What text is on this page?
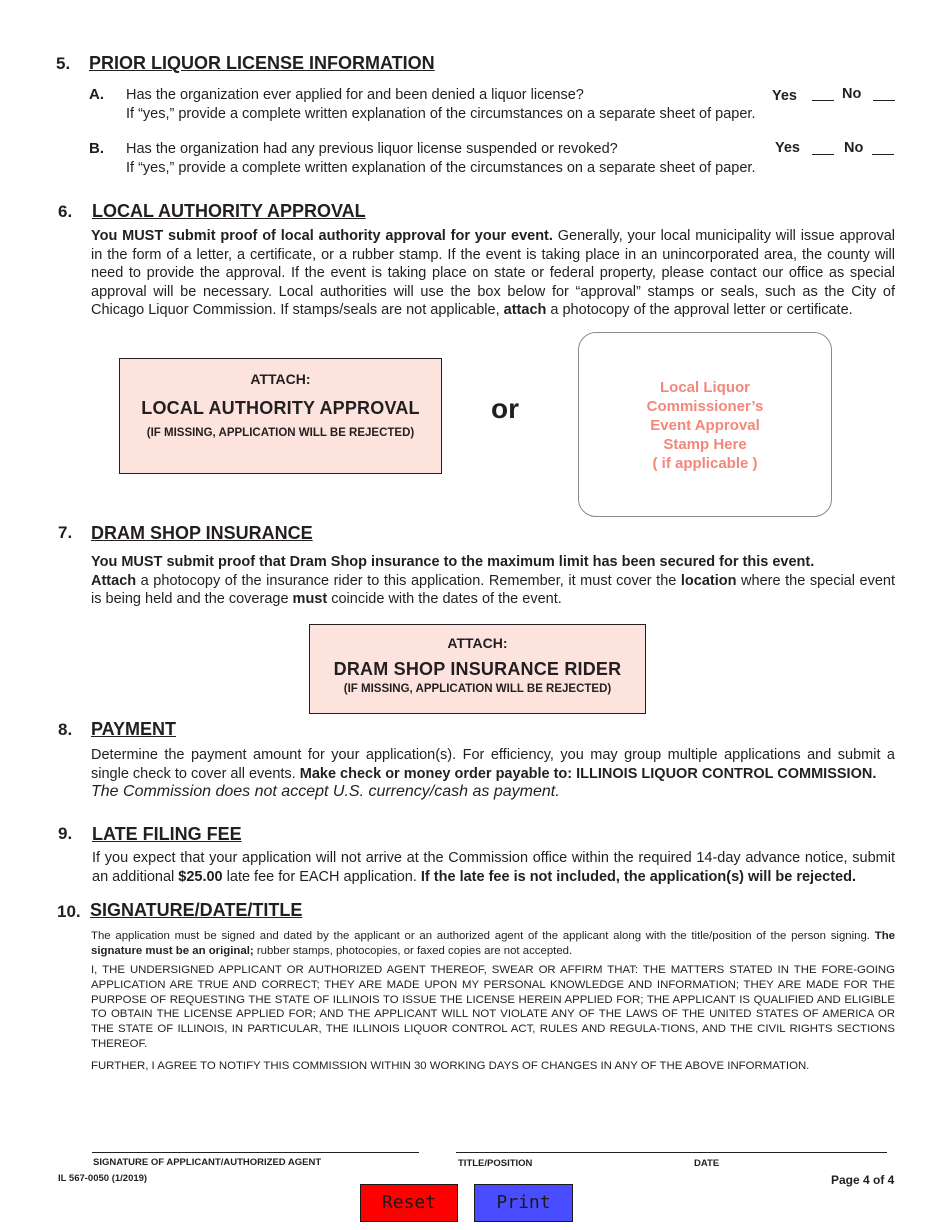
5. PRIOR LIQUOR LICENSE INFORMATION
A. Has the organization ever applied for and been denied a liquor license?
If “yes,” provide a complete written explanation of the circumstances on a separate sheet of paper.
Yes	No
B. Has the organization had any previous liquor license suspended or revoked?
If “yes,” provide a complete written explanation of the circumstances on a separate sheet of paper.
Yes	No
6. LOCAL AUTHORITY APPROVAL
You MUST submit proof of local authority approval for your event. Generally, your local municipality will issue approval in the form of a letter, a certificate, or a rubber stamp. If the event is taking place in an unincorporated area, the county will need to provide the approval. If the event is taking place on state or federal property, please contact our office as special approval will be necessary. Local authorities will use the box below for “approval” stamps or seals, such as the City of Chicago Liquor Commission. If stamps/seals are not applicable, attach a photocopy of the approval letter or certificate.
ATTACH:
LOCAL AUTHORITY APPROVAL
(IF MISSING, APPLICATION WILL BE REJECTED)
or
Local Liquor
Commissioner’s
Event Approval
Stamp Here
( if applicable )
7. DRAM SHOP INSURANCE
You MUST submit proof that Dram Shop insurance to the maximum limit has been secured for this event.
Attach a photocopy of the insurance rider to this application. Remember, it must cover the location where the special event is being held and the coverage must coincide with the dates of the event.
ATTACH:
DRAM SHOP INSURANCE RIDER
(IF MISSING, APPLICATION WILL BE REJECTED)
8. PAYMENT
Determine the payment amount for your application(s). For efficiency, you may group multiple applications and submit a single check to cover all events. Make check or money order payable to: ILLINOIS LIQUOR CONTROL COMMISSION.
The Commission does not accept U.S. currency/cash as payment.
9. LATE FILING FEE
If you expect that your application will not arrive at the Commission office within the required 14-day advance notice, submit an additional $25.00 late fee for EACH application. If the late fee is not included, the application(s) will be rejected.
10. SIGNATURE/DATE/TITLE
The application must be signed and dated by the applicant or an authorized agent of the applicant along with the title/position of the person signing. The signature must be an original; rubber stamps, photocopies, or faxed copies are not accepted.
I, THE UNDERSIGNED APPLICANT OR AUTHORIZED AGENT THEREOF, SWEAR OR AFFIRM THAT: THE MATTERS STATED IN THE FORE-GOING APPLICATION ARE TRUE AND CORRECT; THEY ARE MADE UPON MY PERSONAL KNOWLEDGE AND INFORMATION; THEY ARE MADE FOR THE PURPOSE OF REQUESTING THE STATE OF ILLINOIS TO ISSUE THE LICENSE HEREIN APPLIED FOR; THE APPLICANT IS QUALIFIED AND ELIGIBLE TO OBTAIN THE LICENSE APPLIED FOR; AND THE APPLICANT WILL NOT VIOLATE ANY OF THE LAWS OF THE UNITED STATES OF AMERICA OR THE STATE OF ILLINOIS, IN PARTICULAR, THE ILLINOIS LIQUOR CONTROL ACT, RULES AND REGULA-TIONS, AND THE CIVIL RIGHTS SECTIONS THEREOF.
FURTHER, I AGREE TO NOTIFY THIS COMMISSION WITHIN 30 WORKING DAYS OF CHANGES IN ANY OF THE ABOVE INFORMATION.
SIGNATURE OF APPLICANT/AUTHORIZED AGENT	TITLE/POSITION	DATE
IL 567-0050 (1/2019)	Page 4 of 4
Reset	Print
